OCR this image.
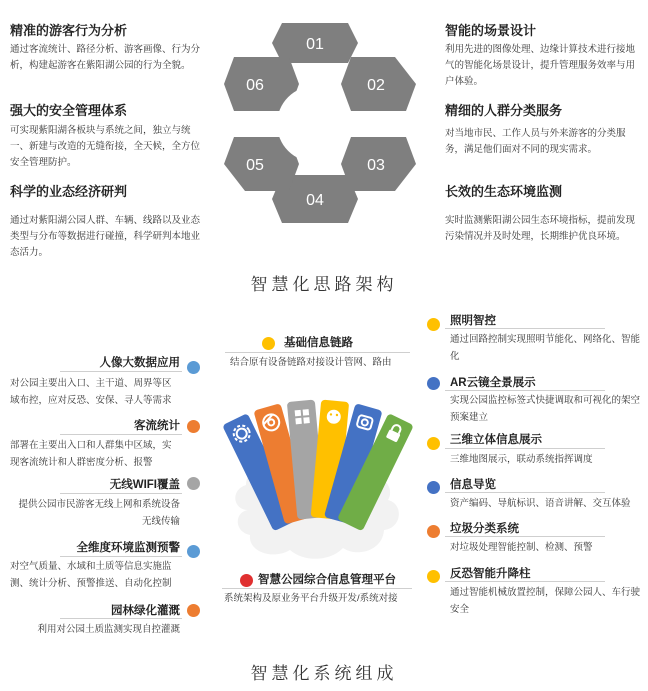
精准的游客行为分析
通过客流统计、路径分析、游客画像、行为分析，构建起游客在紫阳湖公园的行为全貌。
强大的安全管理体系
可实现紫阳湖各板块与系统之间，独立与统一、新建与改造的无缝衔接，全天候，全方位安全管理防护。
科学的业态经济研判
通过对紫阳湖公园人群、车辆、线路以及业态类型与分布等数据进行碰撞，科学研判本地业态活力。
智能的场景设计
利用先进的图像处理、边缘计算技术进行接地气的智能化场景设计，提升管理服务效率与用户体验。
精细的人群分类服务
对当地市民、工作人员与外来游客的分类服务，满足他们面对不同的现实需求。
长效的生态环境监测
实时监测紫阳湖公园生态环境指标，提前发现污染情况并及时处理，长期维护优良环境。
01
02
03
04
05
06
智慧化思路架构
人像大数据应用
对公园主要出入口、主干道、周界等区域布控，应对反恐、安保、寻人等需求
客流统计
部署在主要出入口和人群集中区域，实现客流统计和人群密度分析、报警
无线WIFI覆盖
提供公园市民游客无线上网和系统设备无线传输
全维度环境监测预警
对空气质量、水域和土质等信息实施监测、统计分析、预警推送、自动化控制
园林绿化灌溉
利用对公园土质监测实现自控灌溉
基础信息链路
结合原有设备链路对接设计管网、路由
智慧公园综合信息管理平台
系统架构及原业务平台升级开发/系统对接
照明智控
通过回路控制实现照明节能化、网络化、智能化
AR云镜全景展示
实现公园监控标签式快捷调取和可视化的架空预案建立
三维立体信息展示
三维地图展示，联动系统指挥调度
信息导览
资产编码、导航标识、语音讲解、交互体验
垃圾分类系统
对垃圾处理智能控制、检测、预警
反恐智能升降柱
通过智能机械放置控制，保障公园人、车行驶安全
智慧化系统组成
